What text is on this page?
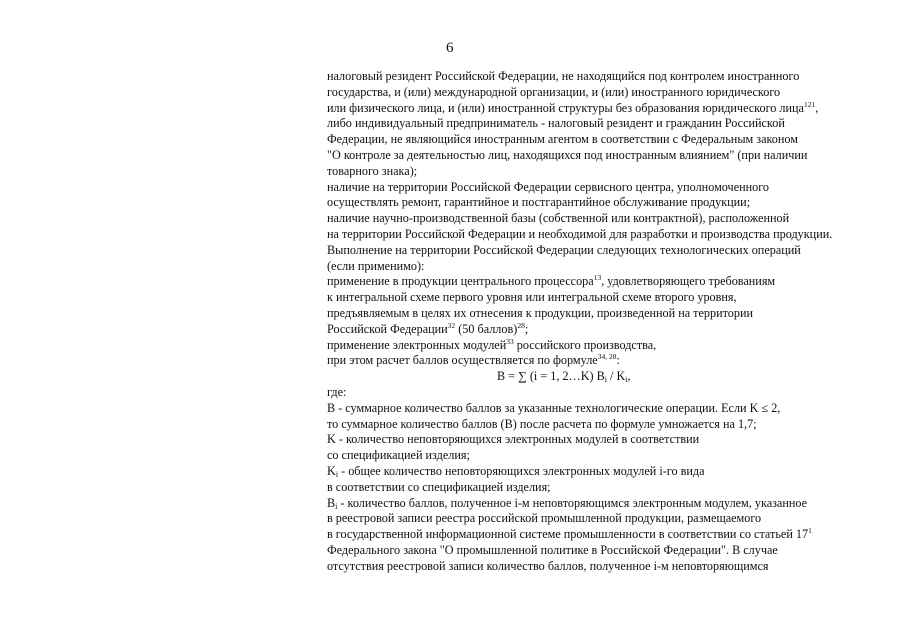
6
налоговый резидент Российской Федерации, не находящийся под контролем иностранного
государства, и (или) международной организации, и (или) иностранного юридического
или физического лица, и (или) иностранной структуры без образования юридического лица$^{121}$,
либо индивидуальный предприниматель - налоговый резидент и гражданин Российской
Федерации, не являющийся иностранным агентом в соответствии с Федеральным законом
"О контроле за деятельностью лиц, находящихся под иностранным влиянием" (при наличии
товарного знака);
наличие на территории Российской Федерации сервисного центра, уполномоченного
осуществлять ремонт, гарантийное и постгарантийное обслуживание продукции;
наличие научно-производственной базы (собственной или контрактной), расположенной
на территории Российской Федерации и необходимой для разработки и производства продукции.
Выполнение на территории Российской Федерации следующих технологических операций
(если применимо):
применение в продукции центрального процессора$^{13}$, удовлетворяющего требованиям
к интегральной схеме первого уровня или интегральной схеме второго уровня,
предъявляемым в целях их отнесения к продукции, произведенной на территории
Российской Федерации$^{32}$ (50 баллов)$^{28}$;
применение электронных модулей$^{33}$ российского производства,
при этом расчет баллов осуществляется по формуле$^{34, 28}$:
В = ∑ (i = 1, 2…K) $B_i / K_i$,
где:
В - суммарное количество баллов за указанные технологические операции. Если K ≤ 2,
то суммарное количество баллов (В) после расчета по формуле умножается на 1,7;
K - количество неповторяющихся электронных модулей в соответствии
со спецификацией изделия;
$K_i$ - общее количество неповторяющихся электронных модулей i-го вида
в соответствии со спецификацией изделия;
$B_i$ - количество баллов, полученное i-м неповторяющимся электронным модулем, указанное
в реестровой записи реестра российской промышленной продукции, размещаемого
в государственной информационной системе промышленности в соответствии со статьей $17^1$
Федерального закона "О промышленной политике в Российской Федерации". В случае
отсутствия реестровой записи количество баллов, полученное i-м неповторяющимся
